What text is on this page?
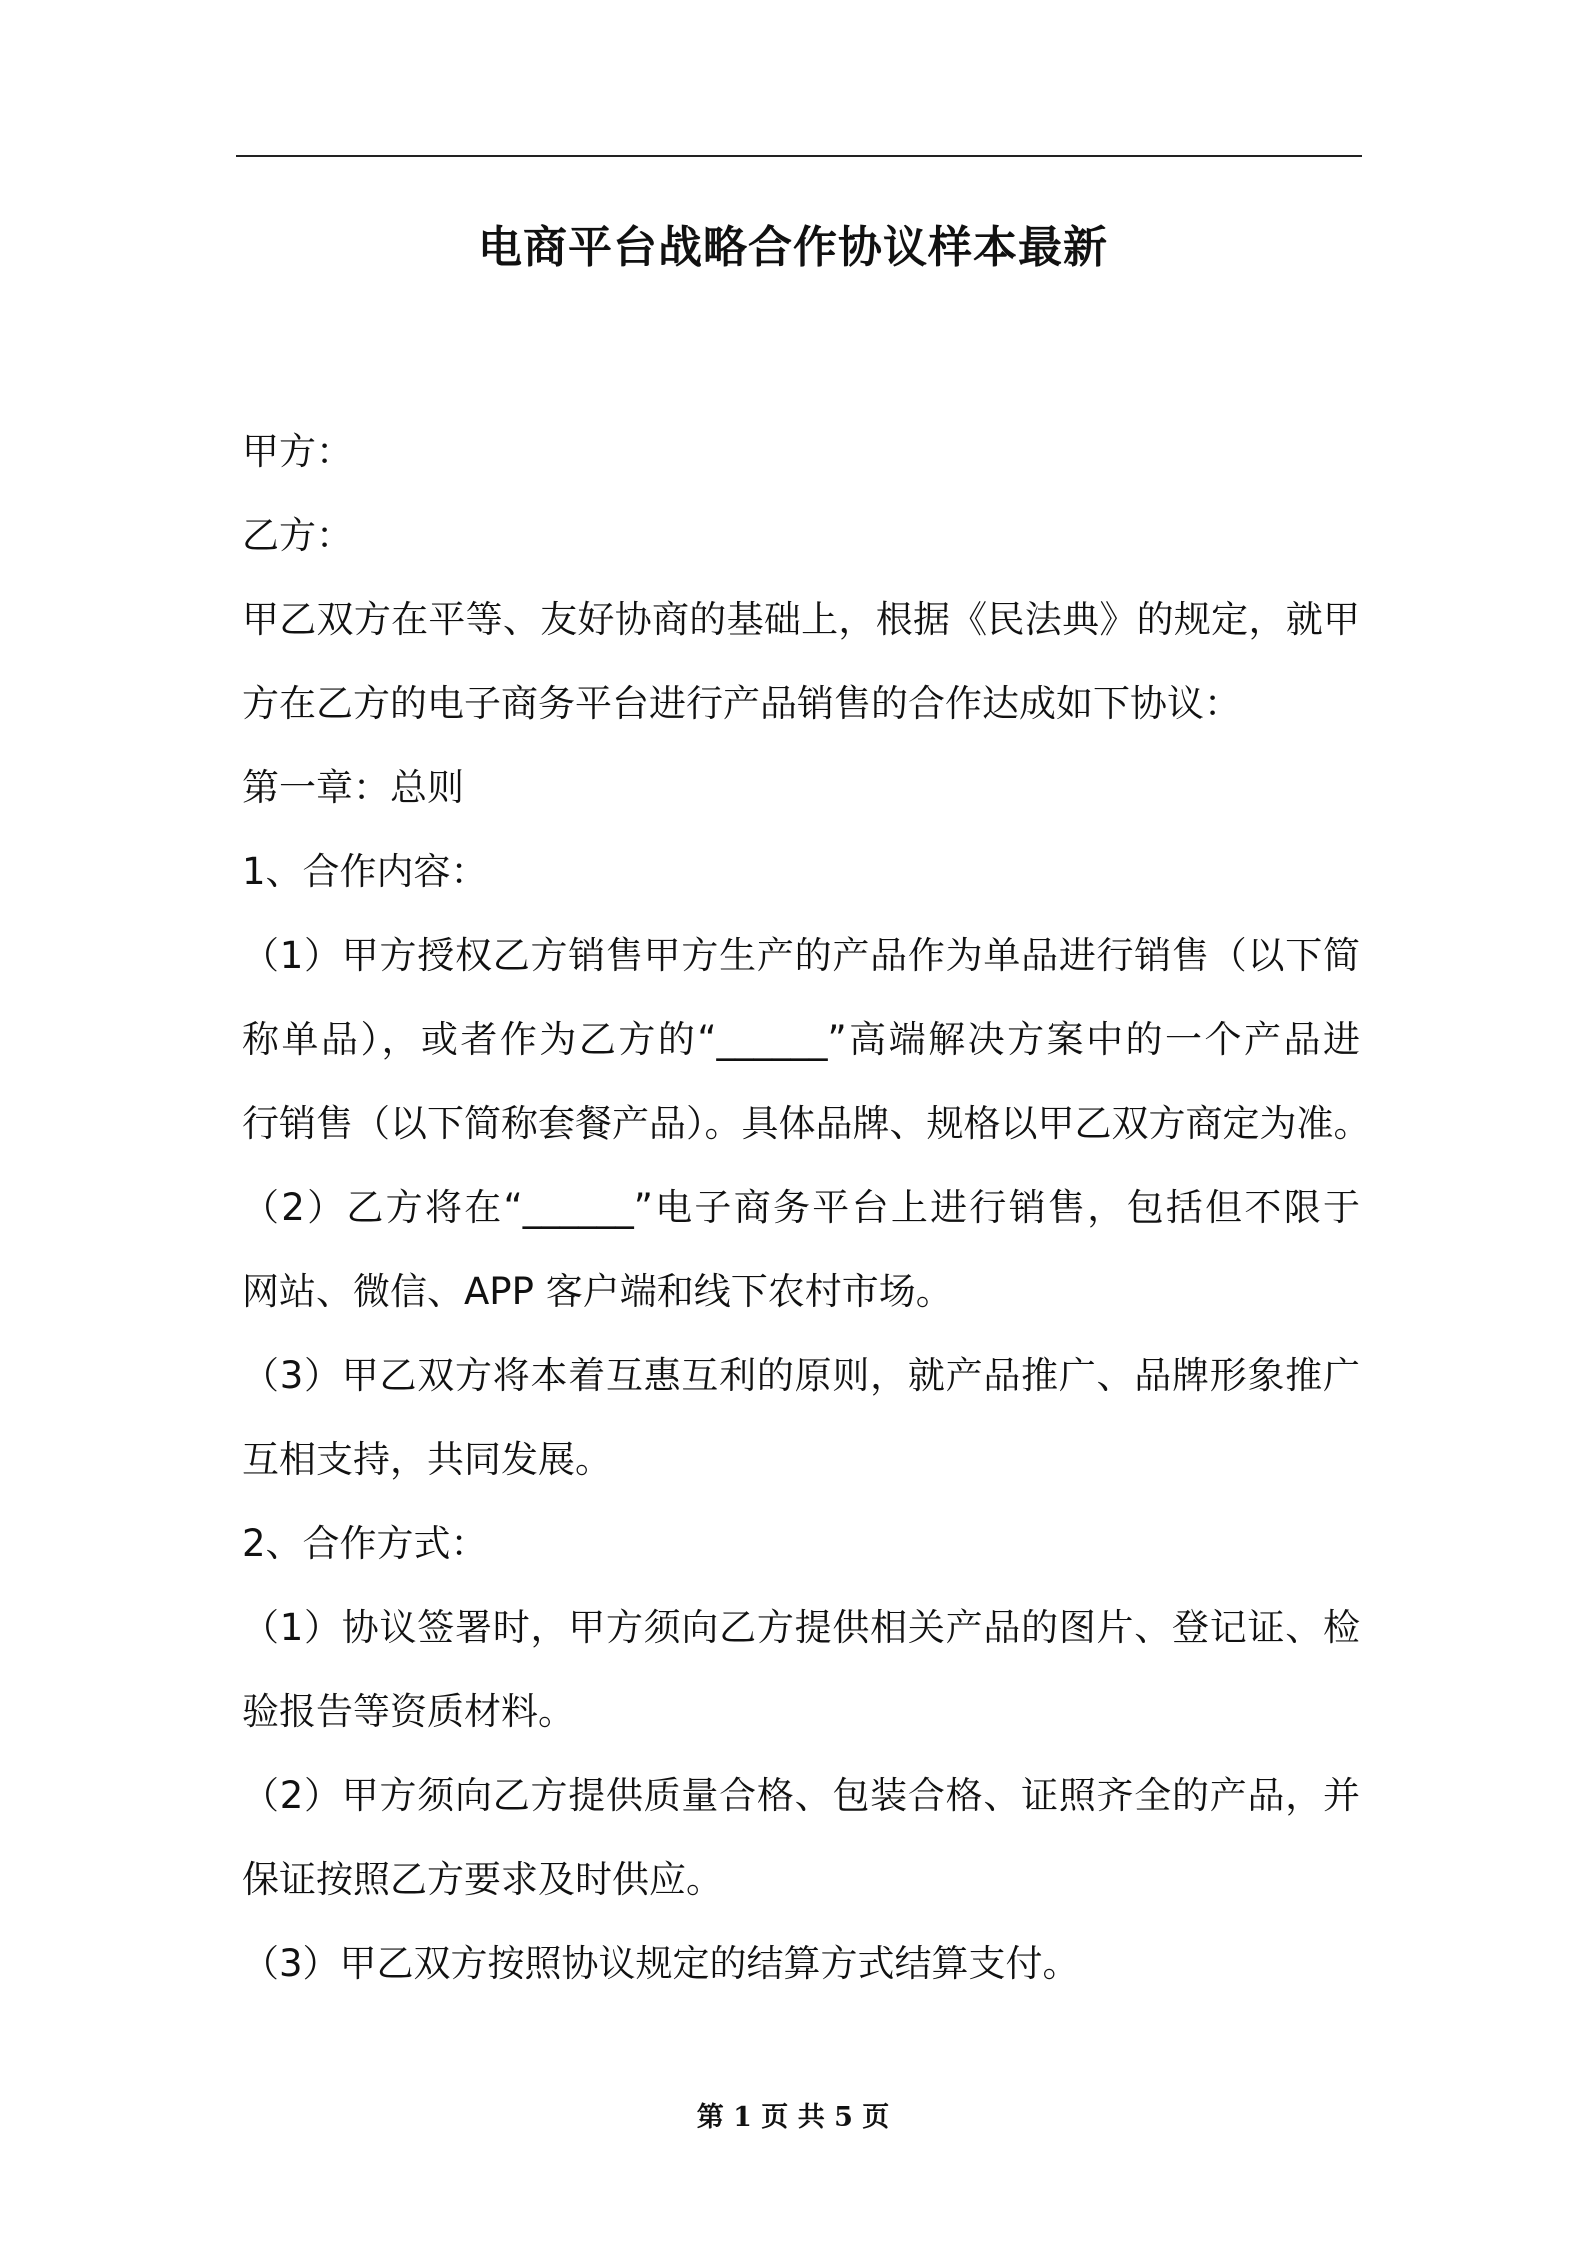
电商平台战略合作协议样本最新
甲方：
乙方：
甲乙双方在平等、友好协商的基础上，根据《民法典》的规定，就甲
方在乙方的电子商务平台进行产品销售的合作达成如下协议：
第一章：总则
1、合作内容：
（1）甲方授权乙方销售甲方生产的产品作为单品进行销售（以下简
称单品），或者作为乙方的“______”高端解决方案中的一个产品进
行销售（以下简称套餐产品）。具体品牌、规格以甲乙双方商定为准。
（2）乙方将在“______”电子商务平台上进行销售，包括但不限于
网站、微信、APP 客户端和线下农村市场。
（3）甲乙双方将本着互惠互利的原则，就产品推广、品牌形象推广
互相支持，共同发展。
2、合作方式：
（1）协议签署时，甲方须向乙方提供相关产品的图片、登记证、检
验报告等资质材料。
（2）甲方须向乙方提供质量合格、包装合格、证照齐全的产品，并
保证按照乙方要求及时供应。
（3）甲乙双方按照协议规定的结算方式结算支付。
第 1 页 共 5 页
